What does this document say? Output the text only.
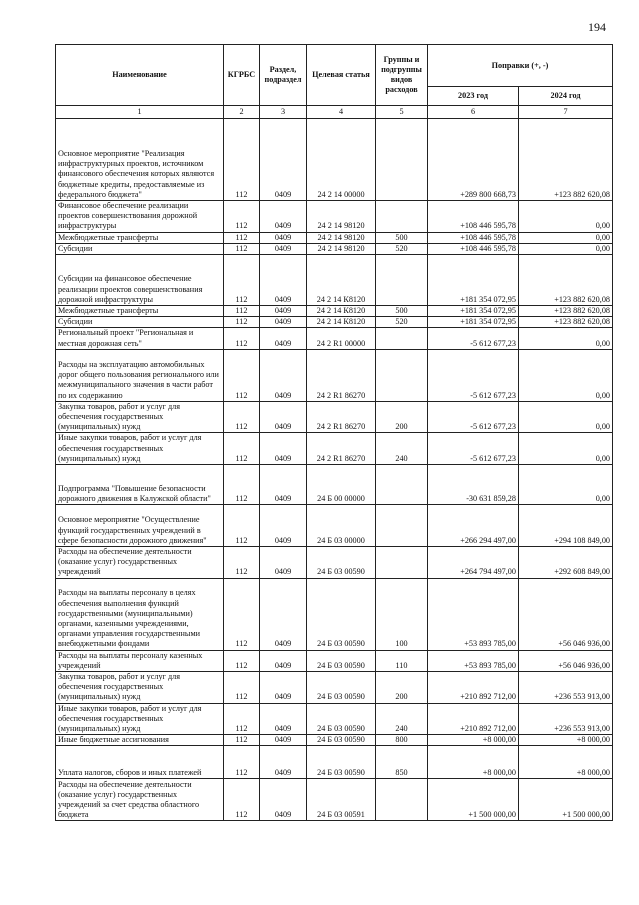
194
Наименование	КГРБС	Раздел, подраздел	Целевая статья	Группы и подгруппы видов расходов	Поправки (+, -)	
					2023 год	2024 год
1	2	3	4	5	6	7
Основное мероприятие "Реализация инфраструктурных проектов, источником финансового обеспечения которых являются бюджетные кредиты, предоставляемые из федерального бюджета"	112	0409	24 2 14 00000		+289 800 668,73	+123 882 620,08
Финансовое обеспечение реализации проектов совершенствования дорожной инфраструктуры	112	0409	24 2 14 98120		+108 446 595,78	0,00
Межбюджетные трансферты	112	0409	24 2 14 98120	500	+108 446 595,78	0,00
Субсидии	112	0409	24 2 14 98120	520	+108 446 595,78	0,00
Субсидии на финансовое обеспечение реализации проектов совершенствования дорожной инфраструктуры	112	0409	24 2 14 К8120		+181 354 072,95	+123 882 620,08
Межбюджетные трансферты	112	0409	24 2 14 К8120	500	+181 354 072,95	+123 882 620,08
Субсидии	112	0409	24 2 14 К8120	520	+181 354 072,95	+123 882 620,08
Региональный проект "Региональная и местная дорожная сеть"	112	0409	24 2 R1 00000		-5 612 677,23	0,00
Расходы на эксплуатацию автомобильных дорог общего пользования регионального или межмуниципального значения в части работ по их содержанию	112	0409	24 2 R1 86270		-5 612 677,23	0,00
Закупка товаров, работ и услуг для обеспечения государственных (муниципальных) нужд	112	0409	24 2 R1 86270	200	-5 612 677,23	0,00
Иные закупки товаров, работ и услуг для обеспечения государственных (муниципальных) нужд	112	0409	24 2 R1 86270	240	-5 612 677,23	0,00
Подпрограмма "Повышение безопасности дорожного движения в Калужской области"	112	0409	24 Б 00 00000		-30 631 859,28	0,00
Основное мероприятие "Осуществление функций государственных учреждений в сфере безопасности дорожного движения"	112	0409	24 Б 03 00000		+266 294 497,00	+294 108 849,00
Расходы на обеспечение деятельности (оказание услуг) государственных учреждений	112	0409	24 Б 03 00590		+264 794 497,00	+292 608 849,00
Расходы на выплаты персоналу в целях обеспечения выполнения функций государственными (муниципальными) органами, казенными учреждениями, органами управления государственными внебюджетными фондами	112	0409	24 Б 03 00590	100	+53 893 785,00	+56 046 936,00
Расходы на выплаты персоналу казенных учреждений	112	0409	24 Б 03 00590	110	+53 893 785,00	+56 046 936,00
Закупка товаров, работ и услуг для обеспечения государственных (муниципальных) нужд	112	0409	24 Б 03 00590	200	+210 892 712,00	+236 553 913,00
Иные закупки товаров, работ и услуг для обеспечения государственных (муниципальных) нужд	112	0409	24 Б 03 00590	240	+210 892 712,00	+236 553 913,00
Иные бюджетные ассигнования	112	0409	24 Б 03 00590	800	+8 000,00	+8 000,00
Уплата налогов, сборов и иных платежей	112	0409	24 Б 03 00590	850	+8 000,00	+8 000,00
Расходы на обеспечение деятельности (оказание услуг) государственных учреждений за счет средства областного бюджета	112	0409	24 Б 03 00591		+1 500 000,00	+1 500 000,00
